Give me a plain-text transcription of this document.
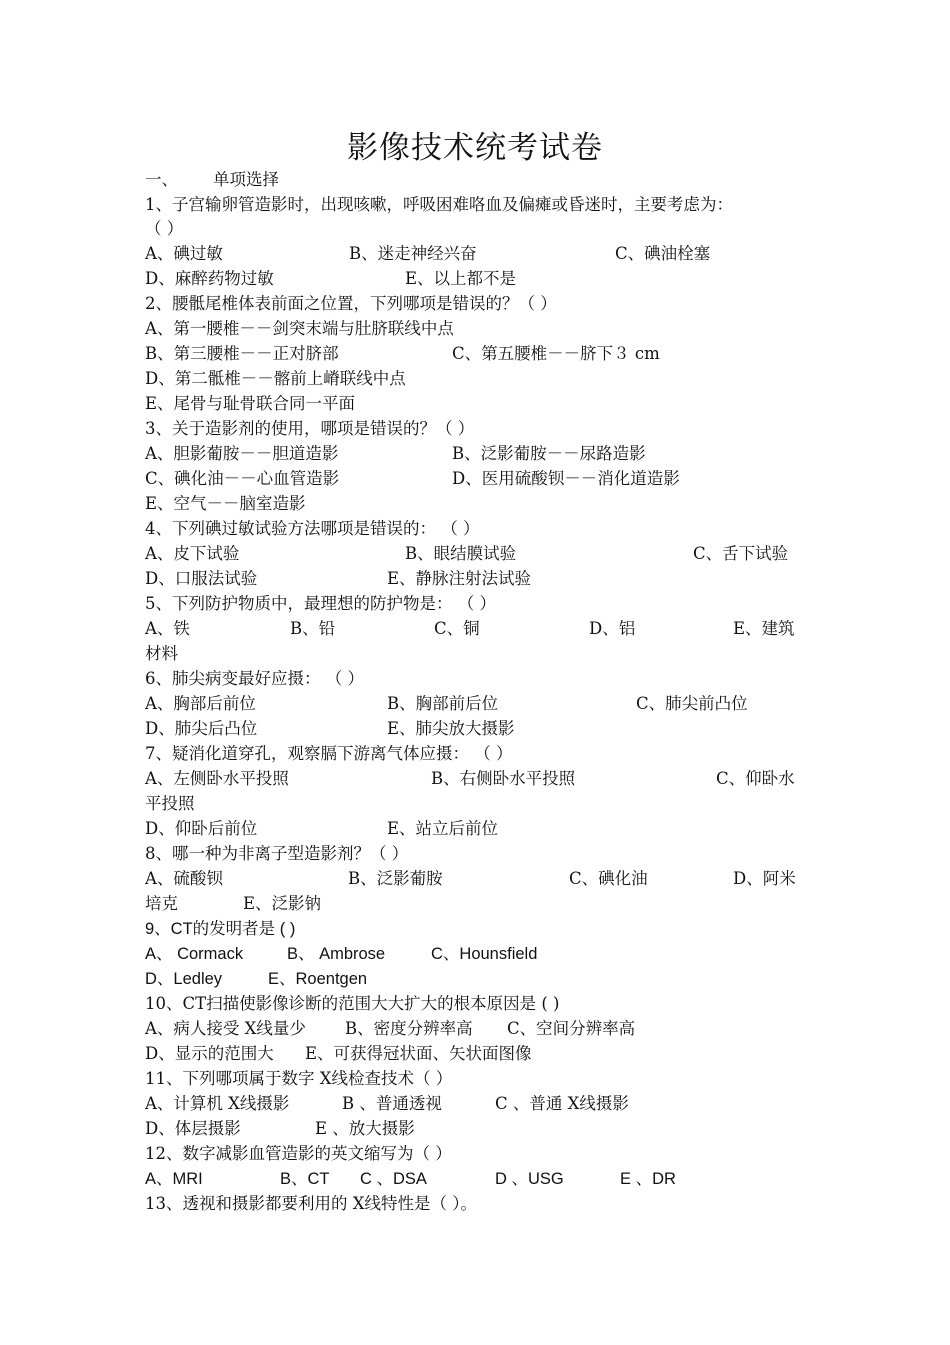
影像技术统考试卷
一、 单项选择
1、子宫输卵管造影时，出现咳嗽，呼吸困难咯血及偏瘫或昏迷时，主要考虑为：
（ ）
A、碘过敏	B、迷走神经兴奋	C、碘油栓塞
D、麻醉药物过敏	E、以上都不是
2、腰骶尾椎体表前面之位置，下列哪项是错误的？（ ）
A、第一腰椎－－剑突末端与肚脐联线中点
B、第三腰椎－－正对脐部	C、第五腰椎－－脐下３ cm
D、第二骶椎－－髂前上嵴联线中点
E、尾骨与耻骨联合同一平面
3、关于造影剂的使用，哪项是错误的？（ ）
A、胆影葡胺－－胆道造影	B、泛影葡胺－－尿路造影
C、碘化油－－心血管造影	D、医用硫酸钡－－消化道造影
E、空气－－脑室造影
4、下列碘过敏试验方法哪项是错误的： （ ）
A、皮下试验	B、眼结膜试验	C、舌下试验
D、口服法试验	E、静脉注射法试验
5、下列防护物质中，最理想的防护物是： （ ）
A、铁	B、铅	C、铜	D、铝	E、建筑
材料
6、肺尖病变最好应摄： （ ）
A、胸部后前位	B、胸部前后位	C、肺尖前凸位
D、肺尖后凸位	E、肺尖放大摄影
7、疑消化道穿孔，观察膈下游离气体应摄： （ ）
A、左侧卧水平投照	B、右侧卧水平投照	C、仰卧水
平投照
D、仰卧后前位	E、站立后前位
8、哪一种为非离子型造影剂？（ ）
A、硫酸钡	B、泛影葡胺	C、碘化油	D、阿米
培克	E、泛影钠
9、CT的发明者是 ( )
A、 Cormack	B、 Ambrose	C、Hounsfield
D、Ledley	E、Roentgen
10、CT扫描使影像诊断的范围大大扩大的根本原因是 ( )
A、病人接受 X线量少 B、密度分辨率高 C、空间分辨率高
D、显示的范围大 E、可获得冠状面、矢状面图像
11、下列哪项属于数字 X线检查技术（ ）
A、计算机 X线摄影	B 、普通透视	C 、普通 X线摄影
D、体层摄影	E 、放大摄影
12、数字减影血管造影的英文缩写为（ ）
A、MRI	B、CT C 、DSA	D 、USG	E 、DR
13、透视和摄影都要利用的 X线特性是（ ）。
